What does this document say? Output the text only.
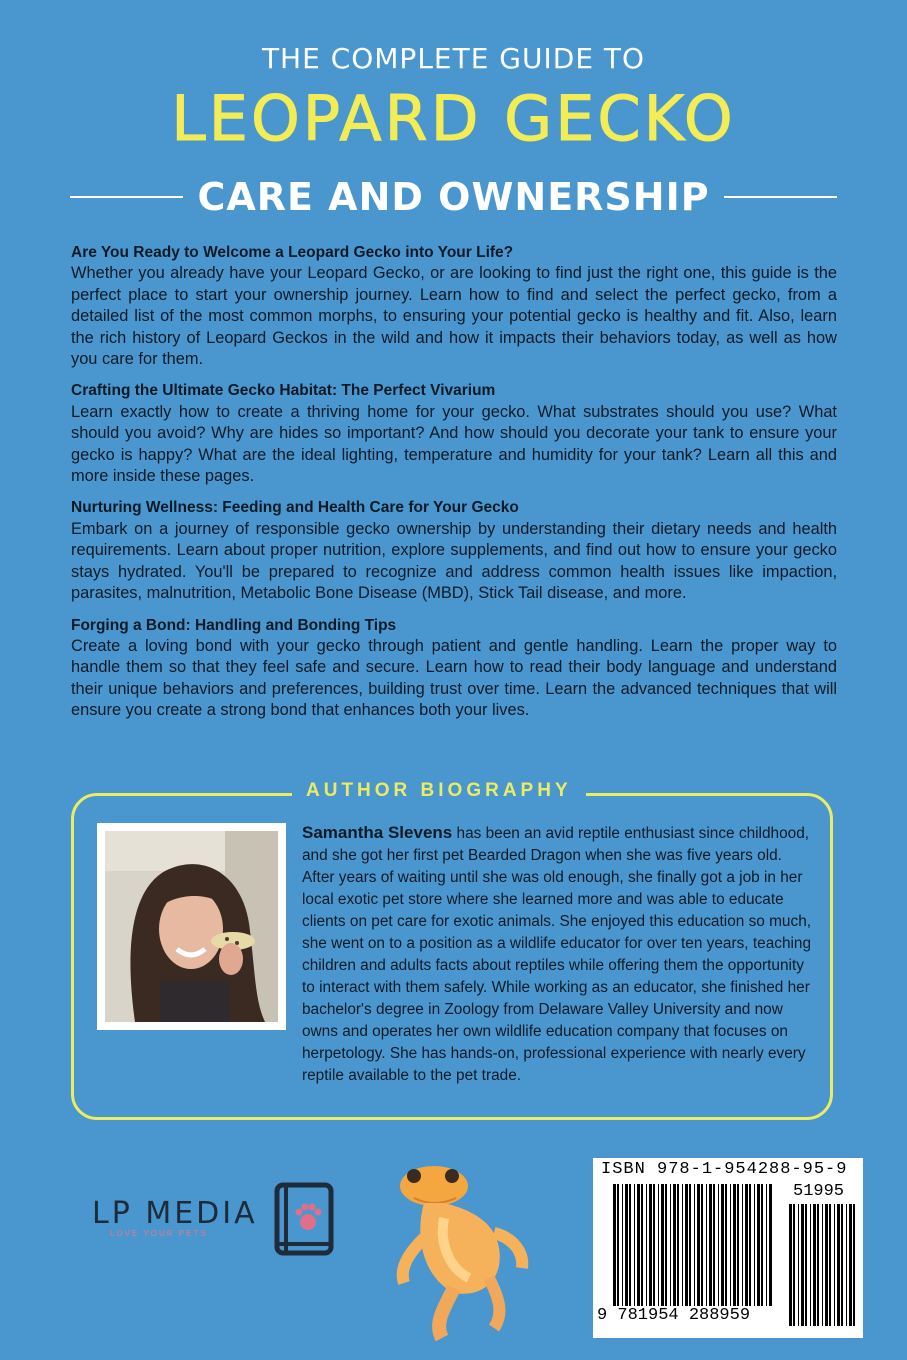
THE COMPLETE GUIDE TO
LEOPARD GECKO
CARE AND OWNERSHIP
Are You Ready to Welcome a Leopard Gecko into Your Life?
Whether you already have your Leopard Gecko, or are looking to find just the right one, this guide is the perfect place to start your ownership journey. Learn how to find and select the perfect gecko, from a detailed list of the most common morphs, to ensuring your potential gecko is healthy and fit. Also, learn the rich history of Leopard Geckos in the wild and how it impacts their behaviors today, as well as how you care for them.
Crafting the Ultimate Gecko Habitat: The Perfect Vivarium
Learn exactly how to create a thriving home for your gecko. What substrates should you use? What should you avoid? Why are hides so important? And how should you decorate your tank to ensure your gecko is happy? What are the ideal lighting, temperature and humidity for your tank? Learn all this and more inside these pages.
Nurturing Wellness: Feeding and Health Care for Your Gecko
Embark on a journey of responsible gecko ownership by understanding their dietary needs and health requirements. Learn about proper nutrition, explore supplements, and find out how to ensure your gecko stays hydrated. You'll be prepared to recognize and address common health issues like impaction, parasites, malnutrition, Metabolic Bone Disease (MBD), Stick Tail disease, and more.
Forging a Bond: Handling and Bonding Tips
Create a loving bond with your gecko through patient and gentle handling. Learn the proper way to handle them so that they feel safe and secure. Learn how to read their body language and understand their unique behaviors and preferences, building trust over time. Learn the advanced techniques that will ensure you create a strong bond that enhances both your lives.
AUTHOR BIOGRAPHY
Samantha Slevens has been an avid reptile enthusiast since childhood, and she got her first pet Bearded Dragon when she was five years old. After years of waiting until she was old enough, she finally got a job in her local exotic pet store where she learned more and was able to educate clients on pet care for exotic animals. She enjoyed this education so much, she went on to a position as a wildlife educator for over ten years, teaching children and adults facts about reptiles while offering them the opportunity to interact with them safely. While working as an educator, she finished her bachelor's degree in Zoology from Delaware Valley University and now owns and operates her own wildlife education company that focuses on herpetology. She has hands-on, professional experience with nearly every reptile available to the pet trade.
LP MEDIA
LOVE YOUR PETS
ISBN 978-1-954288-95-9
51995
9 781954 288959
